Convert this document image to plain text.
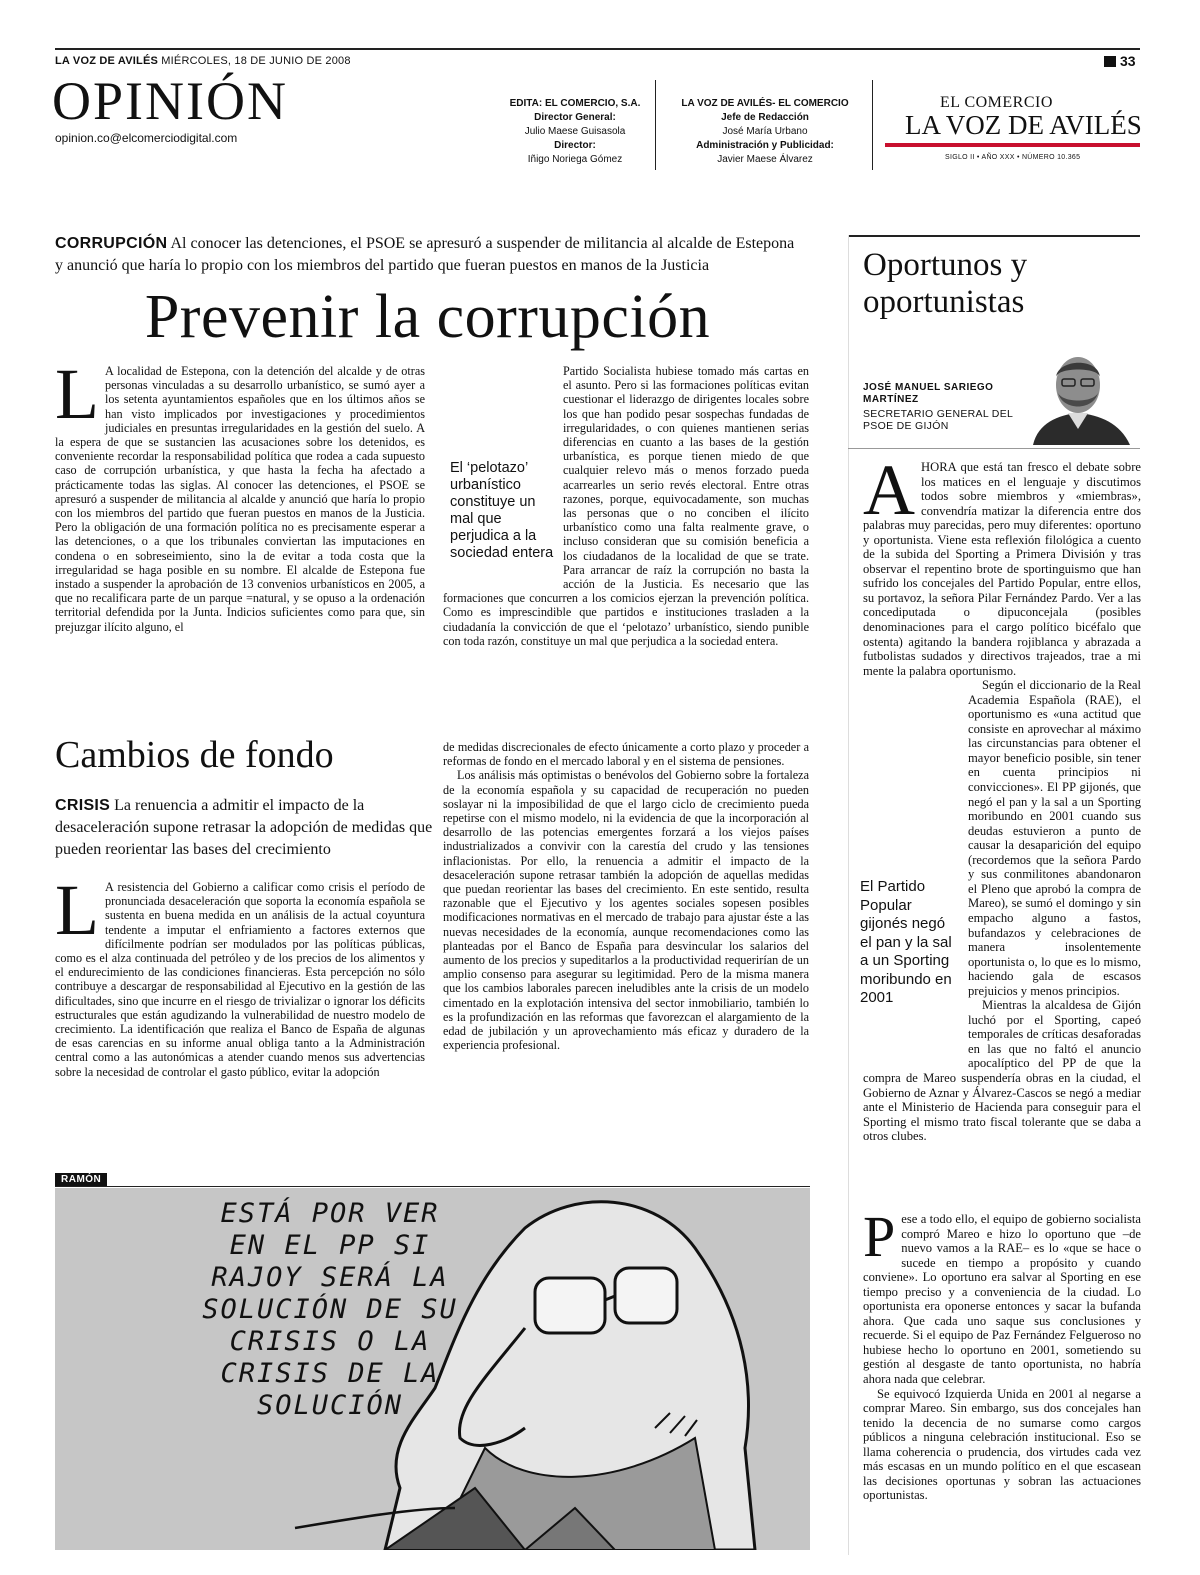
LA VOZ DE AVILÉS MIÉRCOLES, 18 DE JUNIO DE 2008	33
OPINIÓN
opinion.co@elcomerciodigital.com
EDITA: EL COMERCIO, S.A.
Director General:
Julio Maese Guisasola
Director:
Iñigo Noriega Gómez
LA VOZ DE AVILÉS- EL COMERCIO
Jefe de Redacción
José María Urbano
Administración y Publicidad:
Javier Maese Álvarez
EL COMERCIO
LA VOZ DE AVILÉS
SIGLO II • AÑO XXX • NÚMERO 10.365
CORRUPCIÓN Al conocer las detenciones, el PSOE se apresuró a suspender de militancia al alcalde de Estepona y anunció que haría lo propio con los miembros del partido que fueran puestos en manos de la Justicia
Prevenir la corrupción
L A localidad de Estepona, con la detención del alcalde y de otras personas vinculadas a su desarrollo urbanístico, se sumó ayer a los setenta ayuntamientos españoles que en los últimos años se han visto implicados por investigaciones y procedimientos judiciales en presuntas irregularidades en la gestión del suelo. A la espera de que se sustancien las acusaciones sobre los detenidos, es conveniente recordar la responsabilidad política que rodea a cada supuesto caso de corrupción urbanística, y que hasta la fecha ha afectado a prácticamente todas las siglas. Al conocer las detenciones, el PSOE se apresuró a suspender de militancia al alcalde y anunció que haría lo propio con los miembros del partido que fueran puestos en manos de la Justicia. Pero la obligación de una formación política no es precisamente esperar a las detenciones, o a que los tribunales conviertan las imputaciones en condena o en sobreseimiento, sino la de evitar a toda costa que la irregularidad se haga posible en su nombre. El alcalde de Estepona fue instado a suspender la aprobación de 13 convenios urbanísticos en 2005, a que no recalificara parte de un parque =natural, y se opuso a la ordenación territorial defendida por la Junta. Indicios suficientes como para que, sin prejuzgar ilícito alguno, el
Partido Socialista hubiese tomado más cartas en el asunto. Pero si las formaciones políticas evitan cuestionar el liderazgo de dirigentes locales sobre los que han podido pesar sospechas fundadas de irregularidades, o con quienes mantienen serias diferencias en cuanto a las bases de la gestión urbanística, es porque tienen miedo de que cualquier relevo más o menos forzado pueda acarrearles un serio revés electoral. Entre otras razones, porque, equivocadamente, son muchas las personas que o no conciben el ilícito urbanístico como una falta realmente grave, o incluso consideran que su comisión beneficia a los ciudadanos de la localidad de que se trate. Para arrancar de raíz la corrupción no basta la acción de la Justicia. Es necesario que las formaciones que concurren a los comicios ejerzan la prevención política. Como es imprescindible que partidos e instituciones trasladen a la ciudadanía la convicción de que el ‘pelotazo’ urbanístico, siendo punible con toda razón, constituye un mal que perjudica a la sociedad entera.
El ‘pelotazo’ urbanístico constituye un mal que perjudica a la sociedad entera
Cambios de fondo
CRISIS La renuencia a admitir el impacto de la desaceleración supone retrasar la adopción de medidas que pueden reorientar las bases del crecimiento
L A resistencia del Gobierno a calificar como crisis el período de pronunciada desaceleración que soporta la economía española se sustenta en buena medida en un análisis de la actual coyuntura tendente a imputar el enfriamiento a factores externos que difícilmente podrían ser modulados por las políticas públicas, como es el alza continuada del petróleo y de los precios de los alimentos y el endurecimiento de las condiciones financieras. Esta percepción no sólo contribuye a descargar de responsabilidad al Ejecutivo en la gestión de las dificultades, sino que incurre en el riesgo de trivializar o ignorar los déficits estructurales que están agudizando la vulnerabilidad de nuestro modelo de crecimiento. La identificación que realiza el Banco de España de algunas de esas carencias en su informe anual obliga tanto a la Administración central como a las autonómicas a atender cuando menos sus advertencias sobre la necesidad de controlar el gasto público, evitar la adopción
de medidas discrecionales de efecto únicamente a corto plazo y proceder a reformas de fondo en el mercado laboral y en el sistema de pensiones.
Los análisis más optimistas o benévolos del Gobierno sobre la fortaleza de la economía española y su capacidad de recuperación no pueden soslayar ni la imposibilidad de que el largo ciclo de crecimiento pueda repetirse con el mismo modelo, ni la evidencia de que la incorporación al desarrollo de las potencias emergentes forzará a los viejos países industrializados a convivir con la carestía del crudo y las tensiones inflacionistas. Por ello, la renuencia a admitir el impacto de la desaceleración supone retrasar también la adopción de aquellas medidas que puedan reorientar las bases del crecimiento. En este sentido, resulta razonable que el Ejecutivo y los agentes sociales sopesen posibles modificaciones normativas en el mercado de trabajo para ajustar éste a las nuevas necesidades de la economía, aunque recomendaciones como las planteadas por el Banco de España para desvincular los salarios del aumento de los precios y supeditarlos a la productividad requerirían de un amplio consenso para asegurar su legitimidad. Pero de la misma manera que los cambios laborales parecen ineludibles ante la crisis de un modelo cimentado en la explotación intensiva del sector inmobiliario, también lo es la profundización en las reformas que favorezcan el alargamiento de la edad de jubilación y un aprovechamiento más eficaz y duradero de la experiencia profesional.
RAMÓN
ESTÁ POR VER
EN EL PP SI
RAJOY SERÁ LA
SOLUCIÓN DE SU
CRISIS O LA
CRISIS DE LA
SOLUCIÓN
Oportunos y oportunistas
JOSÉ MANUEL SARIEGO MARTÍNEZ
SECRETARIO GENERAL DEL PSOE DE GIJÓN
AHORA que está tan fresco el debate sobre los matices en el lenguaje y discutimos todos sobre miembros y «miembras», convendría matizar la diferencia entre dos palabras muy parecidas, pero muy diferentes: oportuno y oportunista. Viene esta reflexión filológica a cuento de la subida del Sporting a Primera División y tras observar el repentino brote de sportinguismo que han sufrido los concejales del Partido Popular, entre ellos, su portavoz, la señora Pilar Fernández Pardo. Ver a las concediputada o dipuconcejala (posibles denominaciones para el cargo político bicéfalo que ostenta) agitando la bandera rojiblanca y abrazada a futbolistas sudados y directivos trajeados, trae a mi mente la palabra oportunismo.
Según el diccionario de la Real Academia Española (RAE), el oportunismo es «una actitud que consiste en aprovechar al máximo las circunstancias para obtener el mayor beneficio posible, sin tener en cuenta principios ni convicciones». El PP gijonés, que negó el pan y la sal a un Sporting moribundo en 2001 cuando sus deudas estuvieron a punto de causar la desaparición del equipo (recordemos que la señora Pardo y sus conmilitones abandonaron el Pleno que aprobó la compra de Mareo), se sumó el domingo y sin empacho alguno a fastos, bufandazos y celebraciones de manera insolentemente oportunista o, lo que es lo mismo, haciendo gala de escasos prejuicios y menos principios.
Mientras la alcaldesa de Gijón luchó por el Sporting, capeó temporales de críticas desaforadas en las que no faltó el anuncio apocalíptico del PP de que la compra de Mareo suspendería obras en la ciudad, el Gobierno de Aznar y Álvarez-Cascos se negó a mediar ante el Ministerio de Hacienda para conseguir para el Sporting el mismo trato fiscal tolerante que se daba a otros clubes.
El Partido Popular gijonés negó el pan y la sal a un Sporting moribundo en 2001
Pese a todo ello, el equipo de gobierno socialista compró Mareo e hizo lo oportuno que –de nuevo vamos a la RAE– es lo «que se hace o sucede en tiempo a propósito y cuando conviene». Lo oportuno era salvar al Sporting en ese tiempo preciso y a conveniencia de la ciudad. Lo oportunista era oponerse entonces y sacar la bufanda ahora. Que cada uno saque sus conclusiones y recuerde. Si el equipo de Paz Fernández Felgueroso no hubiese hecho lo oportuno en 2001, sometiendo su gestión al desgaste de tanto oportunista, no habría ahora nada que celebrar.
Se equivocó Izquierda Unida en 2001 al negarse a comprar Mareo. Sin embargo, sus dos concejales han tenido la decencia de no sumarse como cargos públicos a ninguna celebración institucional. Eso se llama coherencia o prudencia, dos virtudes cada vez más escasas en un mundo político en el que escasean las decisiones oportunas y sobran las actuaciones oportunistas.
